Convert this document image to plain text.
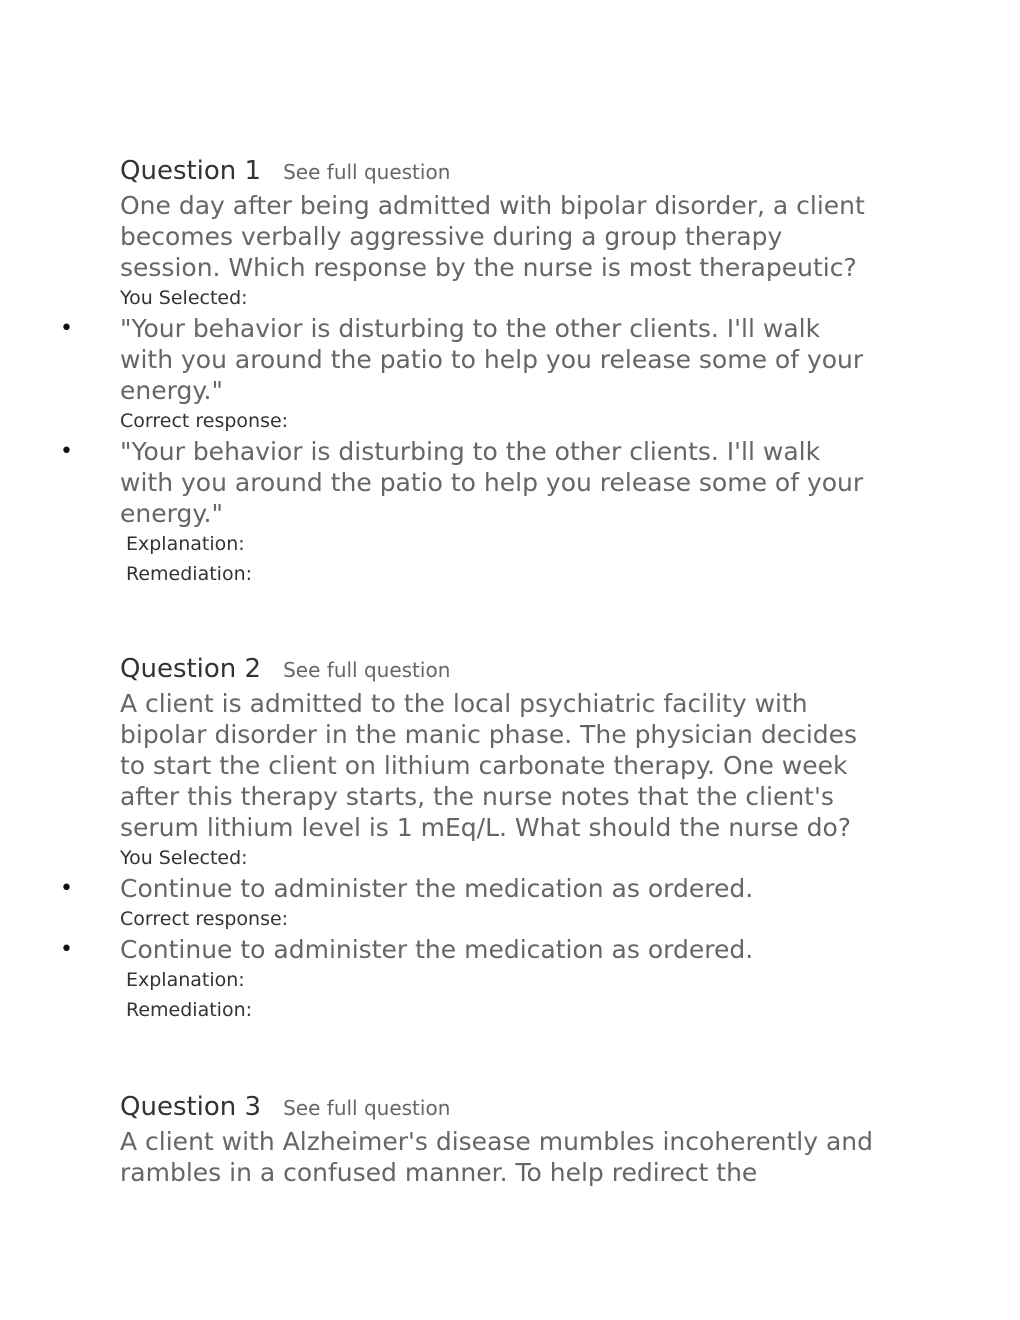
Question 1 See full question

One day after being admitted with bipolar disorder, a client becomes verbally aggressive during a group therapy session. Which response by the nurse is most therapeutic?

You Selected:
• "Your behavior is disturbing to the other clients. I'll walk with you around the patio to help you release some of your energy."
Correct response:
• "Your behavior is disturbing to the other clients. I'll walk with you around the patio to help you release some of your energy."
Explanation:
Remediation:
Question 2 See full question

A client is admitted to the local psychiatric facility with bipolar disorder in the manic phase. The physician decides to start the client on lithium carbonate therapy. One week after this therapy starts, the nurse notes that the client's serum lithium level is 1 mEq/L. What should the nurse do?

You Selected:
• Continue to administer the medication as ordered.
Correct response:
• Continue to administer the medication as ordered.
Explanation:
Remediation:
Question 3 See full question

A client with Alzheimer's disease mumbles incoherently and rambles in a confused manner. To help redirect the
